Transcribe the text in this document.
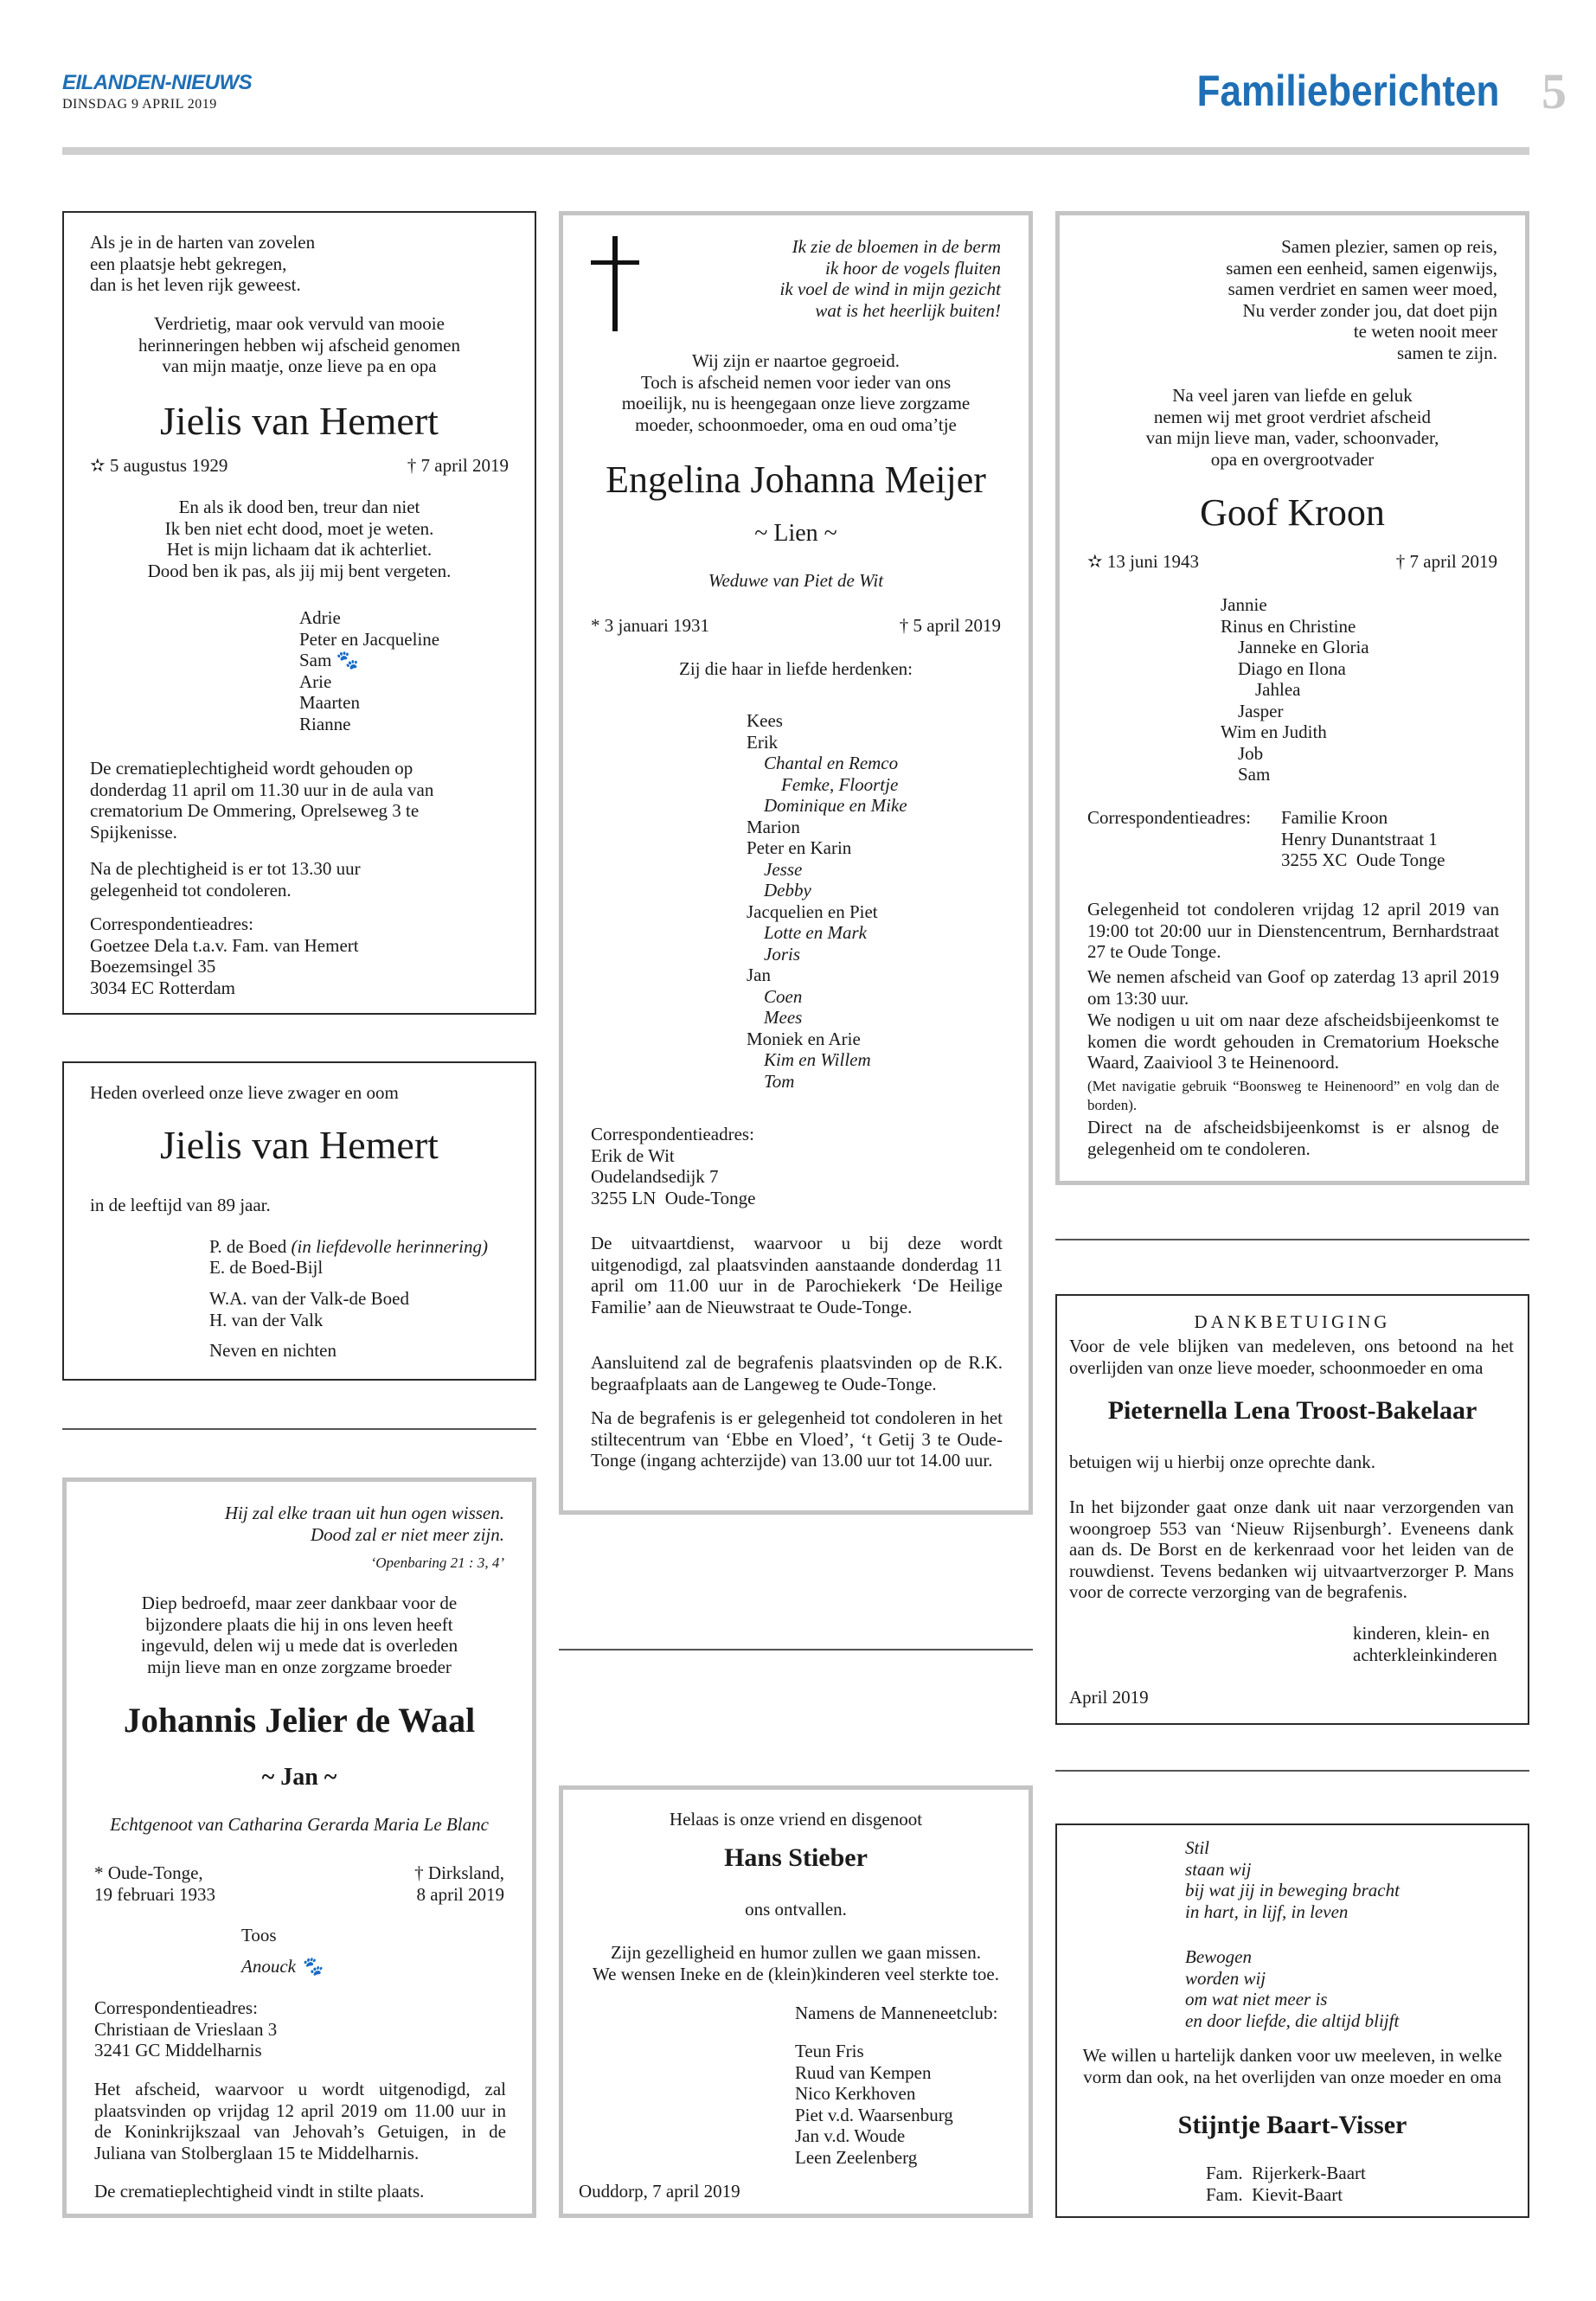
EILANDEN-NIEUWS
DINSDAG 9 APRIL 2019	Familieberichten 5
Als je in de harten van zovelen
een plaatsje hebt gekregen,
dan is het leven rijk geweest.
Verdrietig, maar ook vervuld van mooie
herinneringen hebben wij afscheid genomen
van mijn maatje, onze lieve pa en opa
Jielis van Hemert
✫ 5 augustus 1929	† 7 april 2019
En als ik dood ben, treur dan niet
Ik ben niet echt dood, moet je weten.
Het is mijn lichaam dat ik achterliet.
Dood ben ik pas, als jij mij bent vergeten.
Adrie
Peter en Jacqueline
Sam 🐾
Arie
Maarten
Rianne
De crematieplechtigheid wordt gehouden op
donderdag 11 april om 11.30 uur in de aula van
crematorium De Ommering, Oprelseweg 3 te
Spijkenisse.
Na de plechtigheid is er tot 13.30 uur
gelegenheid tot condoleren.
Correspondentieadres:
Goetzee Dela t.a.v. Fam. van Hemert
Boezemsingel 35
3034 EC Rotterdam
Heden overleed onze lieve zwager en oom
Jielis van Hemert
in de leeftijd van 89 jaar.
P. de Boed (in liefdevolle herinnering)
E. de Boed-Bijl
W.A. van der Valk-de Boed
H. van der Valk
Neven en nichten
Hij zal elke traan uit hun ogen wissen.
Dood zal er niet meer zijn.
‘Openbaring 21 : 3, 4’
Diep bedroefd, maar zeer dankbaar voor de
bijzondere plaats die hij in ons leven heeft
ingevuld, delen wij u mede dat is overleden
mijn lieve man en onze zorgzame broeder
Johannis Jelier de Waal
~ Jan ~
Echtgenoot van Catharina Gerarda Maria Le Blanc
* Oude-Tonge,
19 februari 1933
† Dirksland,
8 april 2019
Toos
Anouck 🐾
Correspondentieadres:
Christiaan de Vrieslaan 3
3241 GC Middelharnis
Het afscheid, waarvoor u wordt uitgenodigd, zal plaatsvinden op vrijdag 12 april 2019 om 11.00 uur in de Koninkrijkszaal van Jehovah’s Getuigen, in de Juliana van Stolberglaan 15 te Middelharnis.
De crematieplechtigheid vindt in stilte plaats.
Ik zie de bloemen in de berm
ik hoor de vogels fluiten
ik voel de wind in mijn gezicht
wat is het heerlijk buiten!
Wij zijn er naartoe gegroeid.
Toch is afscheid nemen voor ieder van ons
moeilijk, nu is heengegaan onze lieve zorgzame
moeder, schoonmoeder, oma en oud oma’tje
Engelina Johanna Meijer
~ Lien ~
Weduwe van Piet de Wit
* 3 januari 1931	† 5 april 2019
Zij die haar in liefde herdenken:
Kees
Erik
Chantal en Remco
Femke, Floortje
Dominique en Mike
Marion
Peter en Karin
Jesse
Debby
Jacquelien en Piet
Lotte en Mark
Joris
Jan
Coen
Mees
Moniek en Arie
Kim en Willem
Tom
Correspondentieadres:
Erik de Wit
Oudelandsedijk 7
3255 LN  Oude-Tonge
De uitvaartdienst, waarvoor u bij deze wordt uitgenodigd, zal plaatsvinden aanstaande donderdag 11 april om 11.00 uur in de Parochiekerk ‘De Heilige Familie’ aan de Nieuwstraat te Oude-Tonge.
Aansluitend zal de begrafenis plaatsvinden op de R.K. begraafplaats aan de Langeweg te Oude-Tonge.
Na de begrafenis is er gelegenheid tot condoleren in het stiltecentrum van ‘Ebbe en Vloed’, ‘t Getij 3 te Oude-Tonge (ingang achterzijde) van 13.00 uur tot 14.00 uur.
Helaas is onze vriend en disgenoot
Hans Stieber
ons ontvallen.
Zijn gezelligheid en humor zullen we gaan missen.
We wensen Ineke en de (klein)kinderen veel sterkte toe.
Namens de Manneneetclub:
Teun Fris
Ruud van Kempen
Nico Kerkhoven
Piet v.d. Waarsenburg
Jan v.d. Woude
Leen Zeelenberg
Ouddorp, 7 april 2019
Samen plezier, samen op reis,
samen een eenheid, samen eigenwijs,
samen verdriet en samen weer moed,
Nu verder zonder jou, dat doet pijn
te weten nooit meer
samen te zijn.
Na veel jaren van liefde en geluk
nemen wij met groot verdriet afscheid
van mijn lieve man, vader, schoonvader,
opa en overgrootvader
Goof Kroon
✫ 13 juni 1943	† 7 april 2019
Jannie
Rinus en Christine
Janneke en Gloria
Diago en Ilona
Jahlea
Jasper
Wim en Judith
Job
Sam
Correspondentieadres: Familie Kroon
Henry Dunantstraat 1
3255 XC  Oude Tonge
Gelegenheid tot condoleren vrijdag 12 april 2019 van 19:00 tot 20:00 uur in Dienstencentrum, Bernhardstraat 27 te Oude Tonge.
We nemen afscheid van Goof op zaterdag 13 april 2019 om 13:30 uur.
We nodigen u uit om naar deze afscheidsbijeenkomst te komen die wordt gehouden in Crematorium Hoeksche Waard, Zaaiviool 3 te Heinenoord.
(Met navigatie gebruik “Boonsweg te Heinenoord” en volg dan de borden).
Direct na de afscheidsbijeenkomst is er alsnog de gelegenheid om te condoleren.
DANKBETUIGING
Voor de vele blijken van medeleven, ons betoond na het overlijden van onze lieve moeder, schoonmoeder en oma
Pieternella Lena Troost-Bakelaar
betuigen wij u hierbij onze oprechte dank.
In het bijzonder gaat onze dank uit naar verzorgenden van woongroep 553 van ‘Nieuw Rijsenburgh’. Eveneens dank aan ds. De Borst en de kerkenraad voor het leiden van de rouwdienst. Tevens bedanken wij uitvaartverzorger P. Mans voor de correcte verzorging van de begrafenis.
kinderen, klein- en
achterkleinkinderen
April 2019
Stil
staan wij
bij wat jij in beweging bracht
in hart, in lijf, in leven
Bewogen
worden wij
om wat niet meer is
en door liefde, die altijd blijft
We willen u hartelijk danken voor uw meeleven, in welke vorm dan ook, na het overlijden van onze moeder en oma
Stijntje Baart-Visser
Fam.  Rijerkerk-Baart
Fam.  Kievit-Baart
